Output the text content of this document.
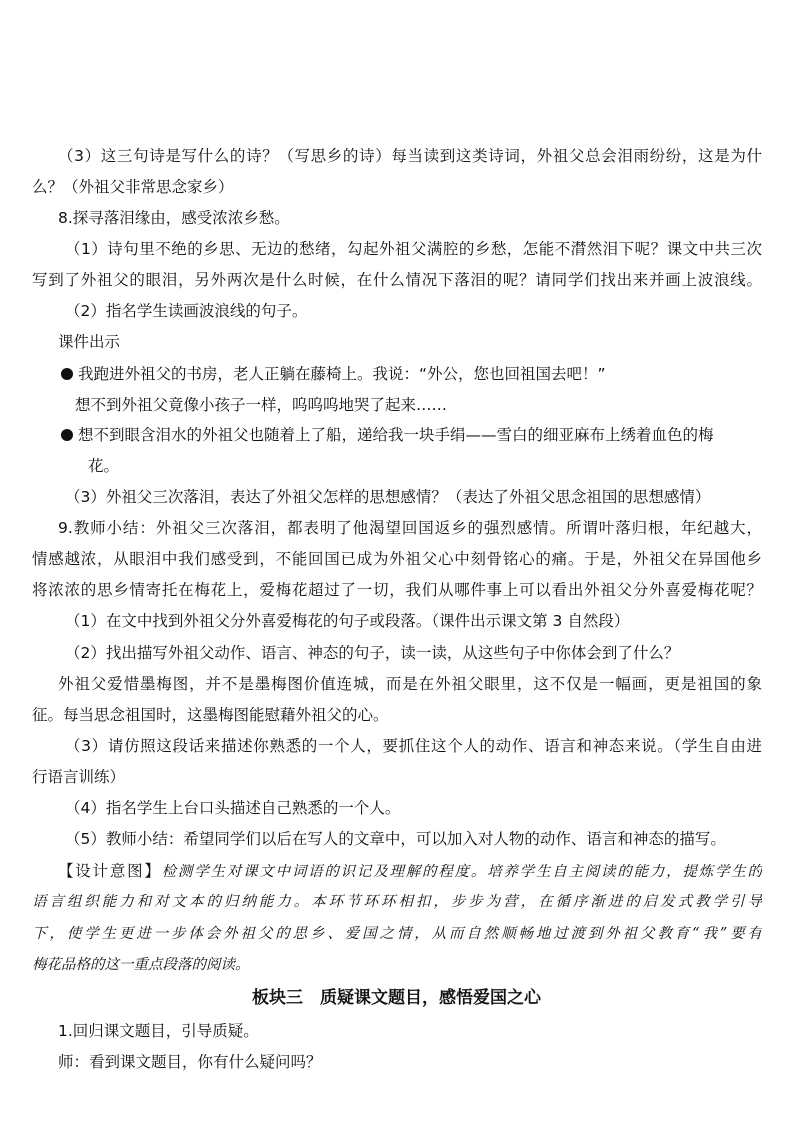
（3）这三句诗是写什么的诗？（写思乡的诗）每当读到这类诗词，外祖父总会泪雨纷纷，这是为什
么？（外祖父非常思念家乡）
8.探寻落泪缘由，感受浓浓乡愁。
（1）诗句里不绝的乡思、无边的愁绪，勾起外祖父满腔的乡愁，怎能不潸然泪下呢？课文中共三次
写到了外祖父的眼泪，另外两次是什么时候，在什么情况下落泪的呢？请同学们找出来并画上波浪线。
（2）指名学生读画波浪线的句子。
课件出示
我跑进外祖父的书房，老人正躺在藤椅上。我说：“外公，您也回祖国去吧！”
想不到外祖父竟像小孩子一样，呜呜呜地哭了起来……
想不到眼含泪水的外祖父也随着上了船，递给我一块手绢——雪白的细亚麻布上绣着血色的梅
花。
（3）外祖父三次落泪，表达了外祖父怎样的思想感情？（表达了外祖父思念祖国的思想感情）
9.教师小结：外祖父三次落泪，都表明了他渴望回国返乡的强烈感情。所谓叶落归根，年纪越大，
情感越浓，从眼泪中我们感受到，不能回国已成为外祖父心中刻骨铭心的痛。于是，外祖父在异国他乡
将浓浓的思乡情寄托在梅花上，爱梅花超过了一切，我们从哪件事上可以看出外祖父分外喜爱梅花呢？
（1）在文中找到外祖父分外喜爱梅花的句子或段落。（课件出示课文第 3 自然段）
（2）找出描写外祖父动作、语言、神态的句子，读一读，从这些句子中你体会到了什么？
外祖父爱惜墨梅图，并不是墨梅图价值连城，而是在外祖父眼里，这不仅是一幅画，更是祖国的象
征。每当思念祖国时，这墨梅图能慰藉外祖父的心。
（3）请仿照这段话来描述你熟悉的一个人，要抓住这个人的动作、语言和神态来说。（学生自由进
行语言训练）
（4）指名学生上台口头描述自己熟悉的一个人。
（5）教师小结：希望同学们以后在写人的文章中，可以加入对人物的动作、语言和神态的描写。
【设计意图】检测学生对课文中词语的识记及理解的程度。培养学生自主阅读的能力，提炼学生的
语言组织能力和对文本的归纳能力。本环节环环相扣，步步为营，在循序渐进的启发式教学引导
下，使学生更进一步体会外祖父的思乡、爱国之情，从而自然顺畅地过渡到外祖父教育“我”要有
梅花品格的这一重点段落的阅读。
板块三　质疑课文题目，感悟爱国之心
1.回归课文题目，引导质疑。
师：看到课文题目，你有什么疑问吗？
